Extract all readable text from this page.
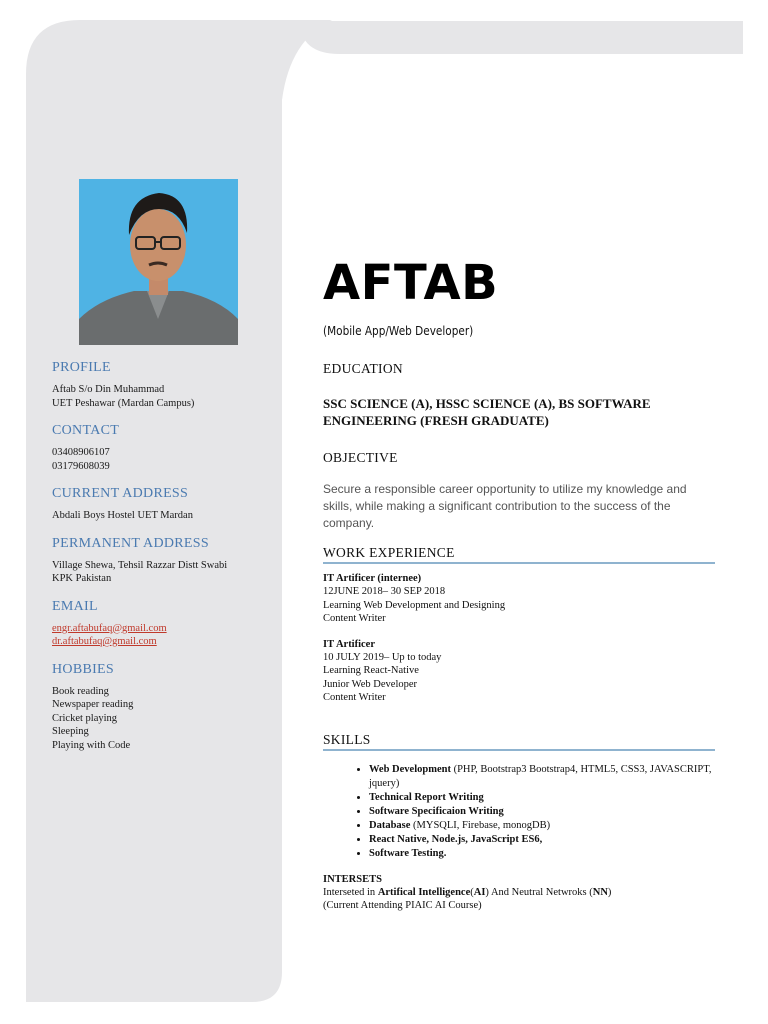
PROFILE
Aftab S/o Din Muhammad
UET Peshawar (Mardan Campus)
CONTACT
03408906107
03179608039
CURRENT ADDRESS
Abdali Boys Hostel UET Mardan
PERMANENT ADDRESS
Village Shewa, Tehsil Razzar Distt Swabi
KPK Pakistan
EMAIL
engr.aftabufaq@gmail.com
dr.aftabufaq@gmail.com
HOBBIES
Book reading
Newspaper reading
Cricket playing
Sleeping
Playing with Code
AFTAB
(Mobile App/Web Developer)
EDUCATION
SSC SCIENCE (A), HSSC SCIENCE (A), BS SOFTWARE ENGINEERING (FRESH GRADUATE)
OBJECTIVE
Secure a responsible career opportunity to utilize my knowledge and skills, while making a significant contribution to the success of the company.
WORK EXPERIENCE
IT Artificer (internee)
12JUNE 2018– 30 SEP 2018
Learning Web Development and Designing
Content Writer
IT Artificer
10 JULY 2019– Up to today
Learning React-Native
Junior Web Developer
Content Writer
SKILLS
• Web Development (PHP, Bootstrap3 Bootstrap4, HTML5, CSS3, JAVASCRIPT, jquery)
• Technical Report Writing
• Software Specificaion Writing
• Database (MYSQLI, Firebase, monogDB)
• React Native, Node.js, JavaScript ES6,
• Software Testing.
INTERSETS
Interseted in Artifical Intelligence(AI) And Neutral Netwroks (NN)
(Current Attending PIAIC AI Course)
